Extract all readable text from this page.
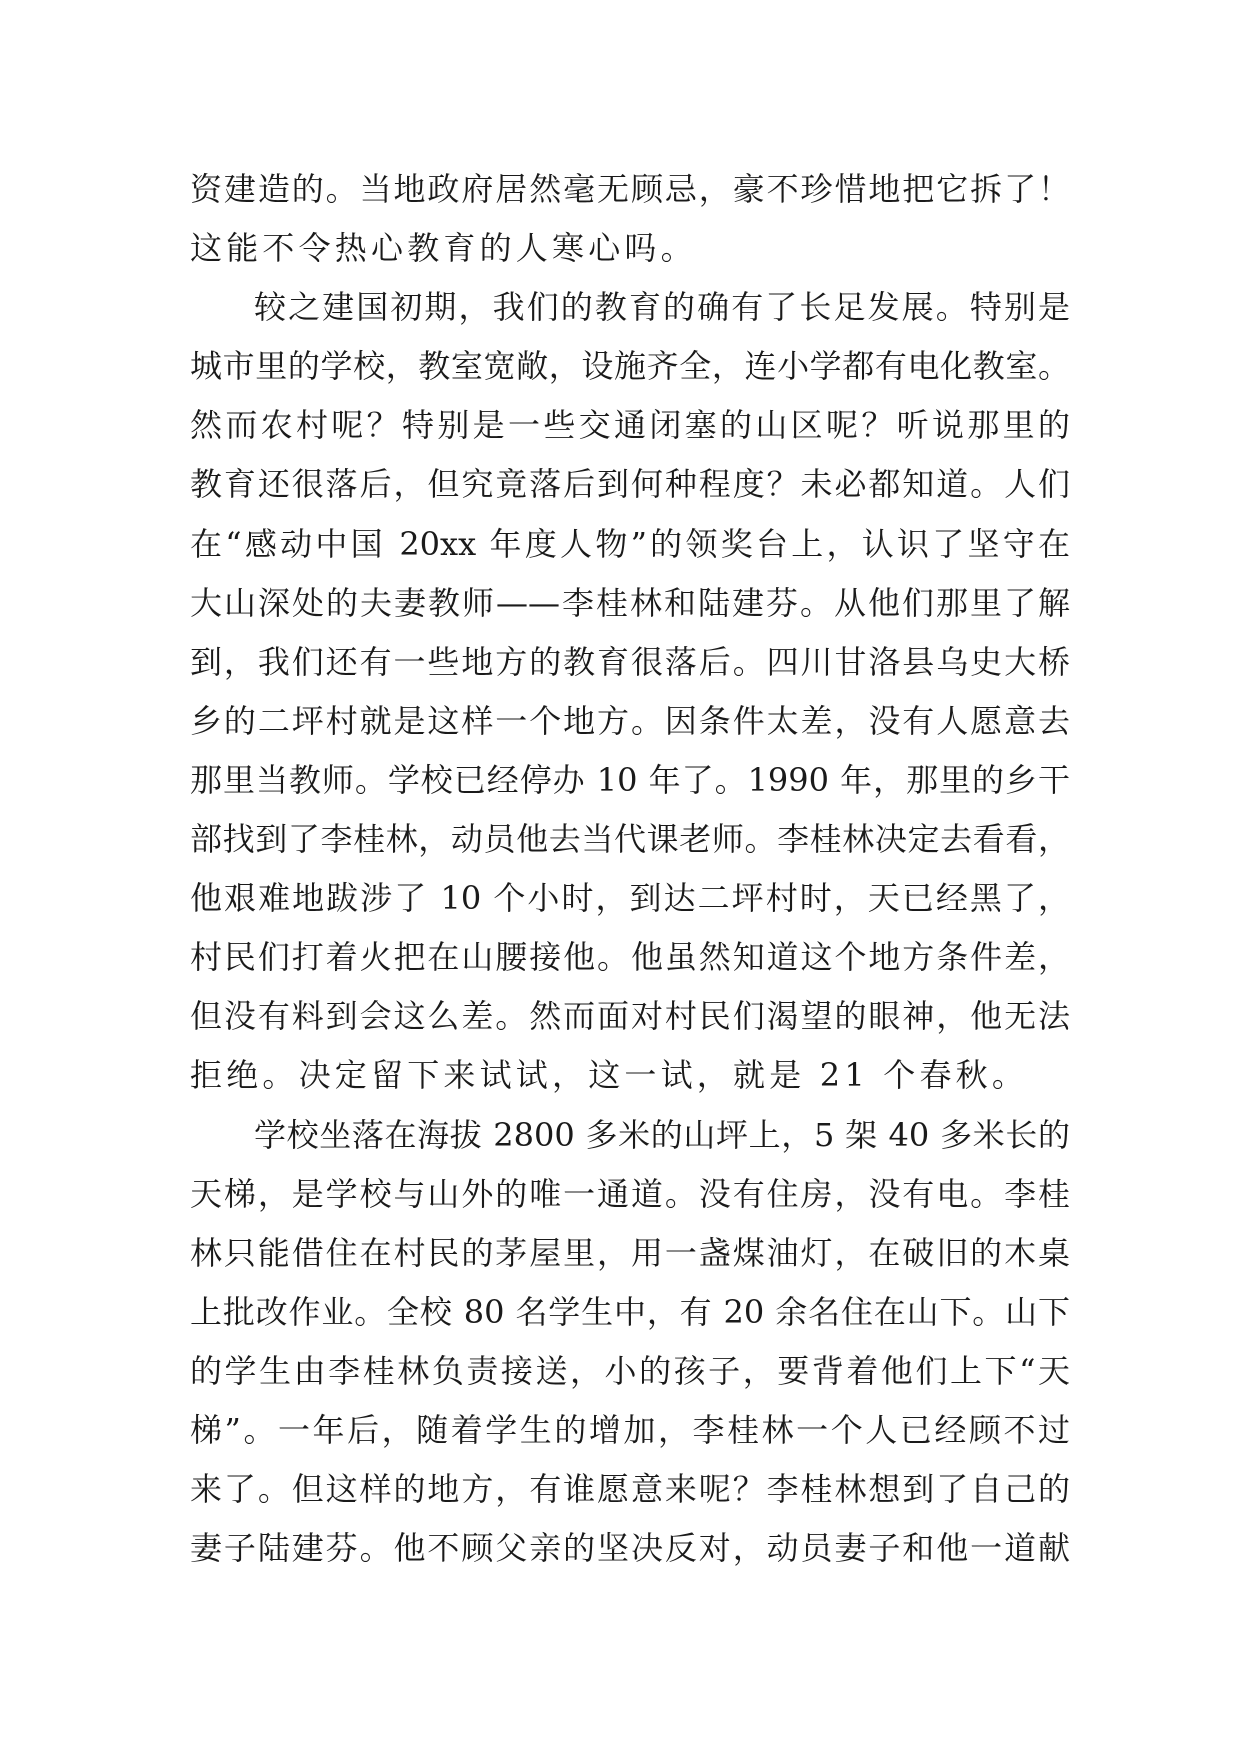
资建造的。当地政府居然毫无顾忌，豪不珍惜地把它拆了！
这能不令热心教育的人寒心吗。
较之建国初期，我们的教育的确有了长足发展。特别是
城市里的学校，教室宽敞，设施齐全，连小学都有电化教室。
然而农村呢？特别是一些交通闭塞的山区呢？听说那里的
教育还很落后，但究竟落后到何种程度？未必都知道。人们
在“感动中国 20xx 年度人物”的领奖台上，认识了坚守在
大山深处的夫妻教师——李桂林和陆建芬。从他们那里了解
到，我们还有一些地方的教育很落后。四川甘洛县乌史大桥
乡的二坪村就是这样一个地方。因条件太差，没有人愿意去
那里当教师。学校已经停办 10 年了。1990 年，那里的乡干
部找到了李桂林，动员他去当代课老师。李桂林决定去看看，
他艰难地跋涉了 10 个小时，到达二坪村时，天已经黑了，
村民们打着火把在山腰接他。他虽然知道这个地方条件差，
但没有料到会这么差。然而面对村民们渴望的眼神，他无法
拒绝。决定留下来试试，这一试，就是 21 个春秋。
学校坐落在海拔 2800 多米的山坪上，5 架 40 多米长的
天梯，是学校与山外的唯一通道。没有住房，没有电。李桂
林只能借住在村民的茅屋里，用一盏煤油灯，在破旧的木桌
上批改作业。全校 80 名学生中，有 20 余名住在山下。山下
的学生由李桂林负责接送，小的孩子，要背着他们上下“天
梯”。一年后，随着学生的增加，李桂林一个人已经顾不过
来了。但这样的地方，有谁愿意来呢？李桂林想到了自己的
妻子陆建芬。他不顾父亲的坚决反对，动员妻子和他一道献
